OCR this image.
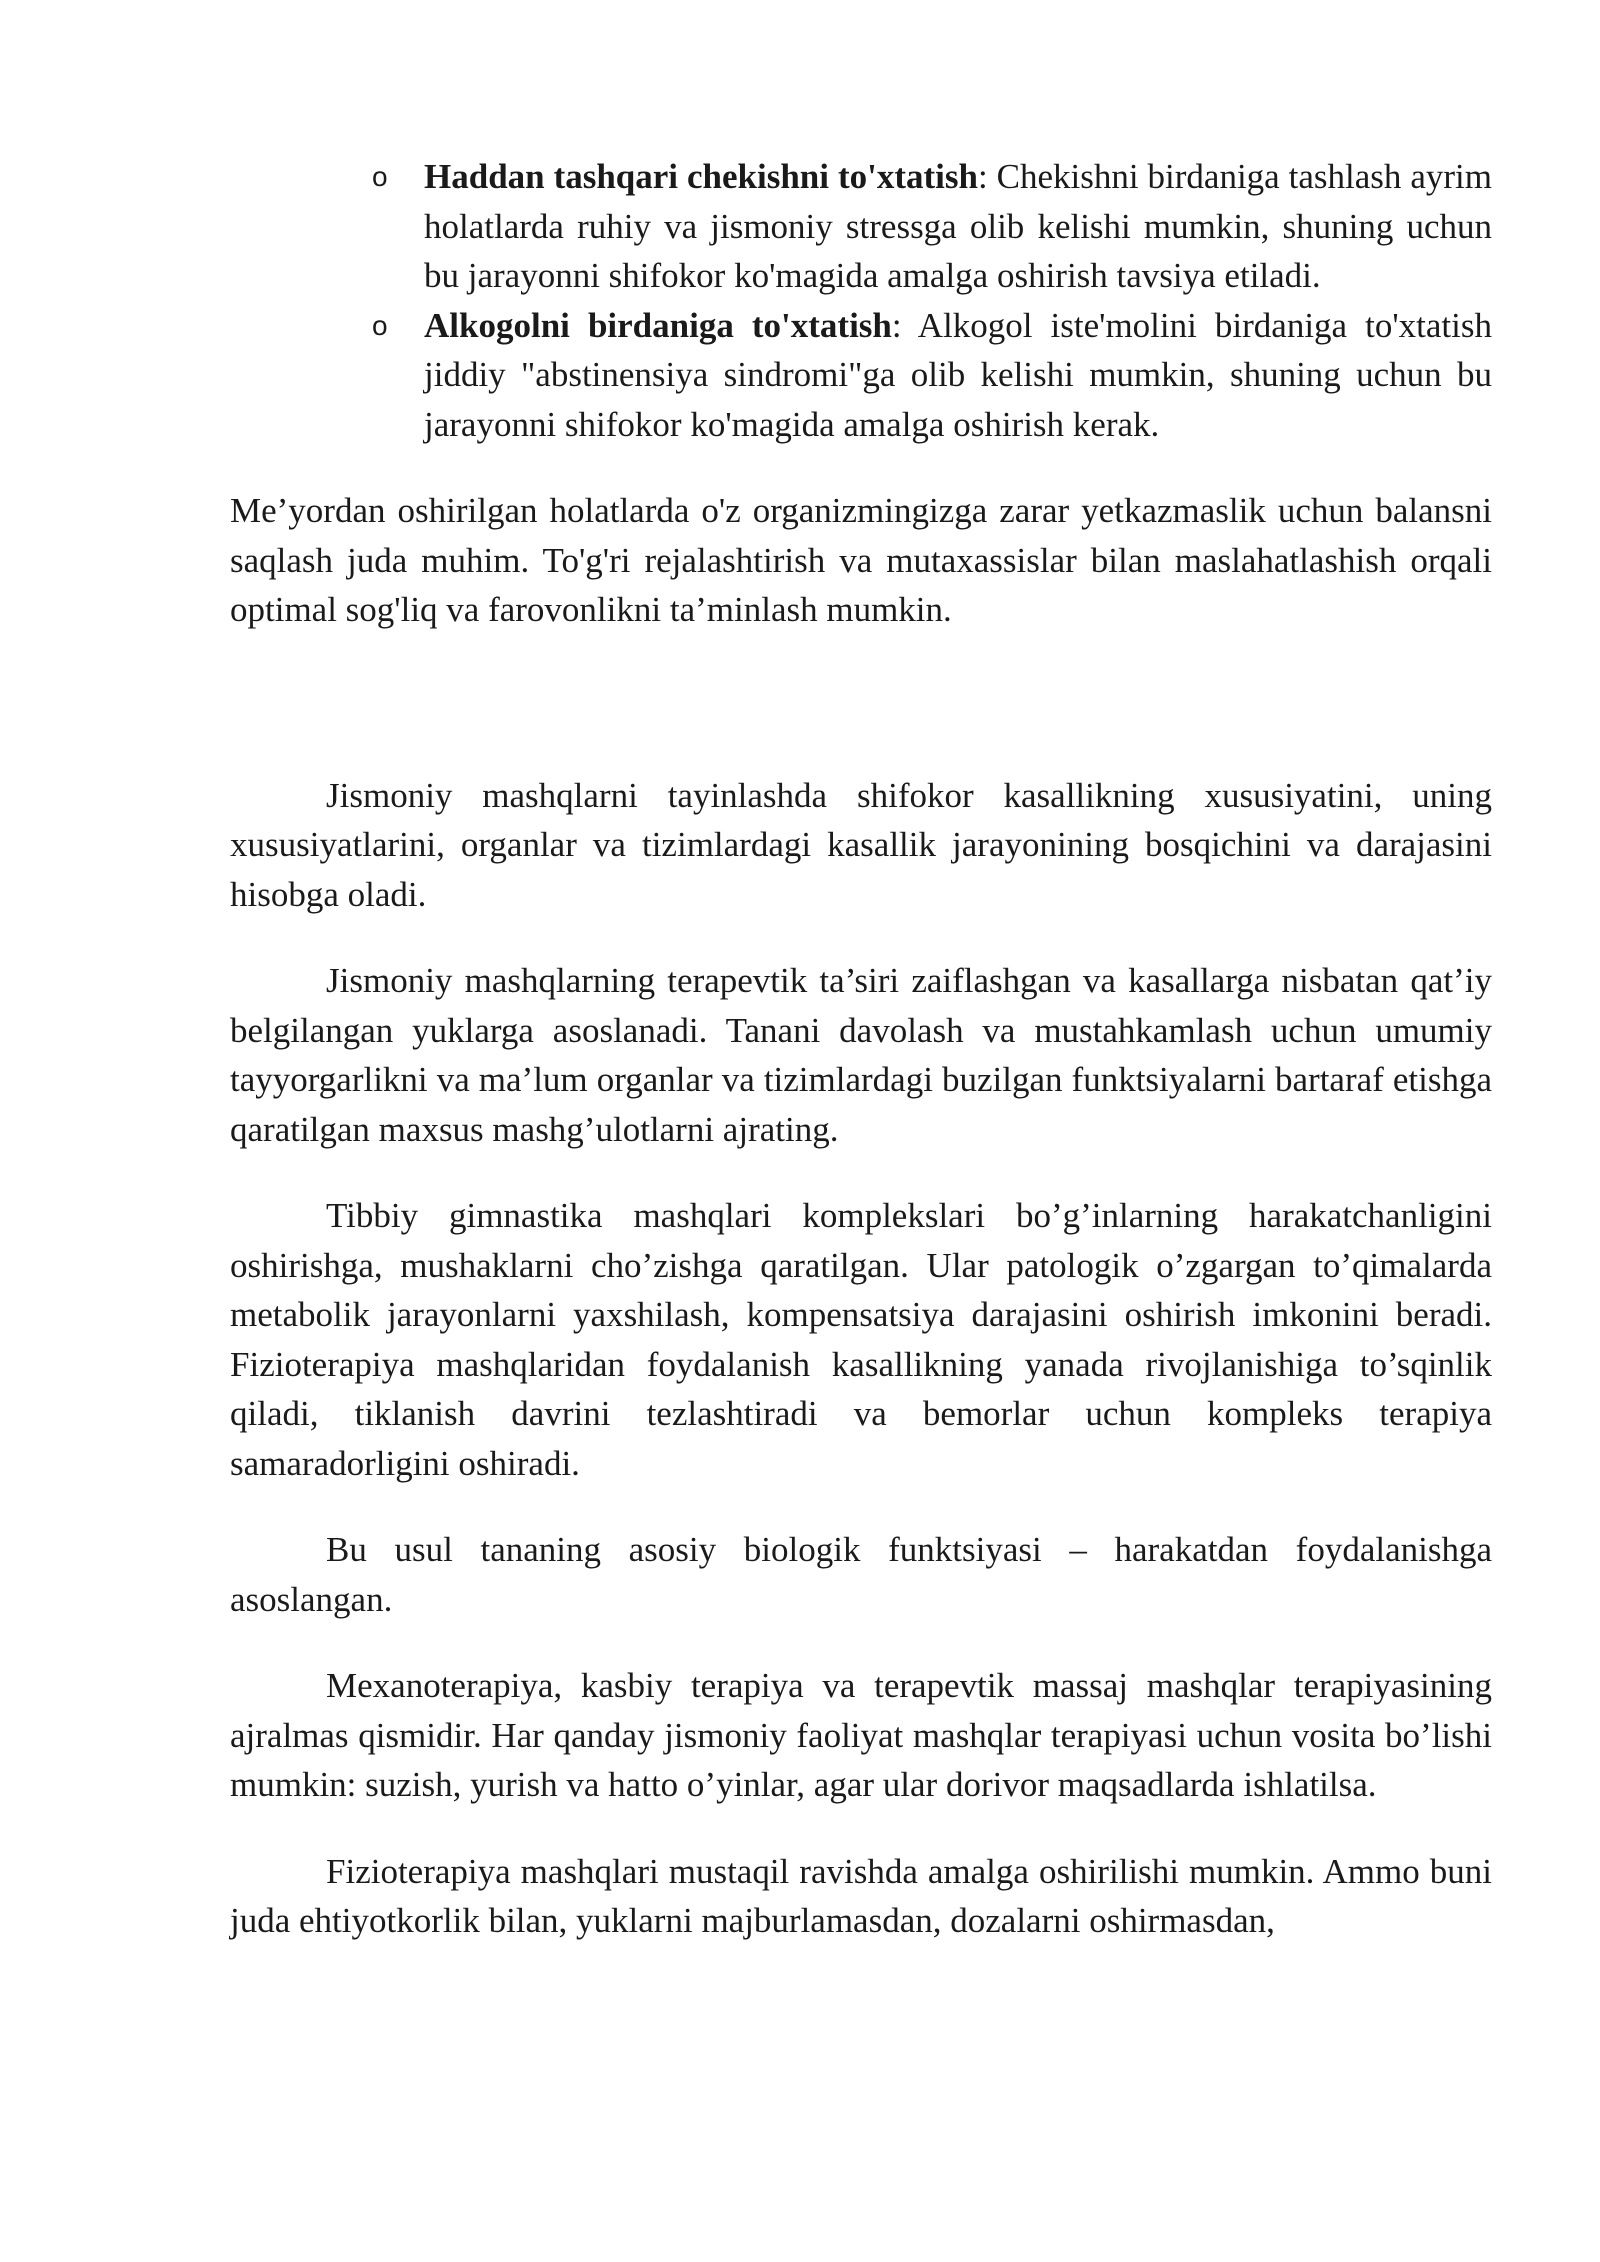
o Haddan tashqari chekishni to'xtatish: Chekishni birdaniga tashlash ayrim holatlarda ruhiy va jismoniy stressga olib kelishi mumkin, shuning uchun bu jarayonni shifokor ko'magida amalga oshirish tavsiya etiladi.
o Alkogolni birdaniga to'xtatish: Alkogol iste'molini birdaniga to'xtatish jiddiy "abstinensiya sindromi"ga olib kelishi mumkin, shuning uchun bu jarayonni shifokor ko'magida amalga oshirish kerak.

Me’yordan oshirilgan holatlarda o'z organizmingizga zarar yetkazmaslik uchun balansni saqlash juda muhim. To'g'ri rejalashtirish va mutaxassislar bilan maslahatlashish orqali optimal sog'liq va farovonlikni ta’minlash mumkin.

Jismoniy mashqlarni tayinlashda shifokor kasallikning xususiyatini, uning xususiyatlarini, organlar va tizimlardagi kasallik jarayonining bosqichini va darajasini hisobga oladi.

Jismoniy mashqlarning terapevtik ta’siri zaiflashgan va kasallarga nisbatan qat’iy belgilangan yuklarga asoslanadi. Tanani davolash va mustahkamlash uchun umumiy tayyorgarlikni va ma’lum organlar va tizimlardagi buzilgan funktsiyalarni bartaraf etishga qaratilgan maxsus mashg’ulotlarni ajrating.

Tibbiy gimnastika mashqlari komplekslari bo’g’inlarning harakatchanligini oshirishga, mushaklarni cho’zishga qaratilgan. Ular patologik o’zgargan to’qimalarda metabolik jarayonlarni yaxshilash, kompensatsiya darajasini oshirish imkonini beradi. Fizioterapiya mashqlaridan foydalanish kasallikning yanada rivojlanishiga to’sqinlik qiladi, tiklanish davrini tezlashtiradi va bemorlar uchun kompleks terapiya samaradorligini oshiradi.

Bu usul tananing asosiy biologik funktsiyasi – harakatdan foydalanishga asoslangan.

Mexanoterapiya, kasbiy terapiya va terapevtik massaj mashqlar terapiyasining ajralmas qismidir. Har qanday jismoniy faoliyat mashqlar terapiyasi uchun vosita bo’lishi mumkin: suzish, yurish va hatto o’yinlar, agar ular dorivor maqsadlarda ishlatilsa.

Fizioterapiya mashqlari mustaqil ravishda amalga oshirilishi mumkin. Ammo buni juda ehtiyotkorlik bilan, yuklarni majburlamasdan, dozalarni oshirmasdan,
